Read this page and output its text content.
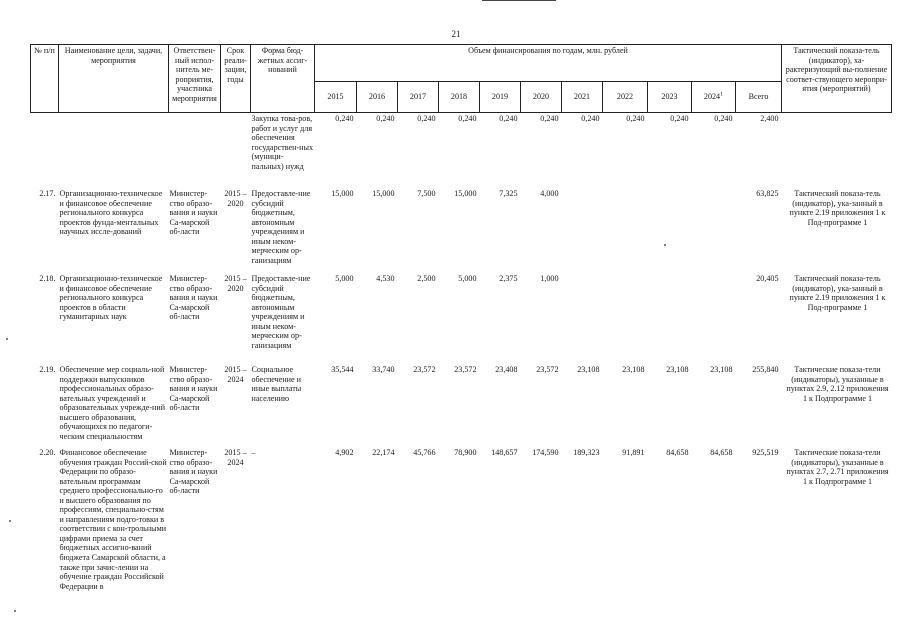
21
№ п/п	Наименование цели, задачи, мероприятия	Ответствен-ный испол-нитель ме-роприятия, участника мероприятия	Срок реали-зации, годы	Форма бюд-жетных ассиг-нований	Объем финансирования по годам, млн. рублей											Тактический показа-тель (индикатор), ха-рактеризующий вы-полнение соответ-ствующего меропри-ятия (мероприятий)
					2015	2016	2017	2018	2019	2020	2021	2022	2023	2024$^1$	Всего	
				Закупка това-ров, работ и услуг для обеспечения государствен-ных (муници-пальных) нужд	0,240	0,240	0,240	0,240	0,240	0,240	0,240	0,240	0,240	0,240	2,400	
2.17.	Организационно-техническое и финансовое обеспечение регионального конкурса проектов фунда-ментальных научных иссле-дований	Министер-ство образо-вания и науки Са-марской об-ласти	2015 – 2020	Предоставле-ние субсидий бюджетным, автономным учреждениям и иным неком-мерческим ор-ганизациям	15,000	15,000	7,500	15,000	7,325	4,000					63,825	Тактический показа-тель (индикатор), ука-занный в пункте 2.19 приложения 1 к Под-программе 1
2.18.	Организационно-техническое и финансовое обеспечение регионального конкурса проектов в области гуманитарных наук	Министер-ство образо-вания и науки Са-марской об-ласти	2015 – 2020	Предоставле-ние субсидий бюджетным, автономным учреждениям и иным неком-мерческим ор-ганизациям	5,000	4,530	2,500	5,000	2,375	1,000					20,405	Тактический показа-тель (индикатор), ука-занный в пункте 2.19 приложения 1 к Под-программе 1
2.19.	Обеспечение мер социаль-ной поддержки выпускников профессиональных образо-вательных учреждений и образовательных учрежде-ний высшего образования, обучающихся по педагоги-ческим специальностям	Министер-ство образо-вания и науки Са-марской об-ласти	2015 – 2024	Социальное обеспечение и иные выплаты населению	35,544	33,740	23,572	23,572	23,408	23,572	23,108	23,108	23,108	23,108	255,840	Тактические показа-тели (индикаторы), указанные в пунктах 2.9, 2.12 приложения 1 к Подпрограмме 1
2.20.	Финансовое обеспечение обучения граждан Россий-ской Федерации по образо-вательным программам среднего профессионально-го и высшего образования по профессиям, специально-стям и направлениям подго-товки в соответствии с кон-трольными цифрами приема за счет бюджетных ассигно-ваний бюджета Самарской области, а также при зачис-лении на обучение граждан Российской Федерации в	Министер-ство образо-вания и науки Са-марской об-ласти	2015 – 2024	–	4,902	22,174	45,766	78,900	148,657	174,590	189,323	91,891	84,658	84,658	925,519	Тактические показа-тели (индикаторы), указанные в пунктах 2.7, 2.71 приложения 1 к Подпрограмме 1
